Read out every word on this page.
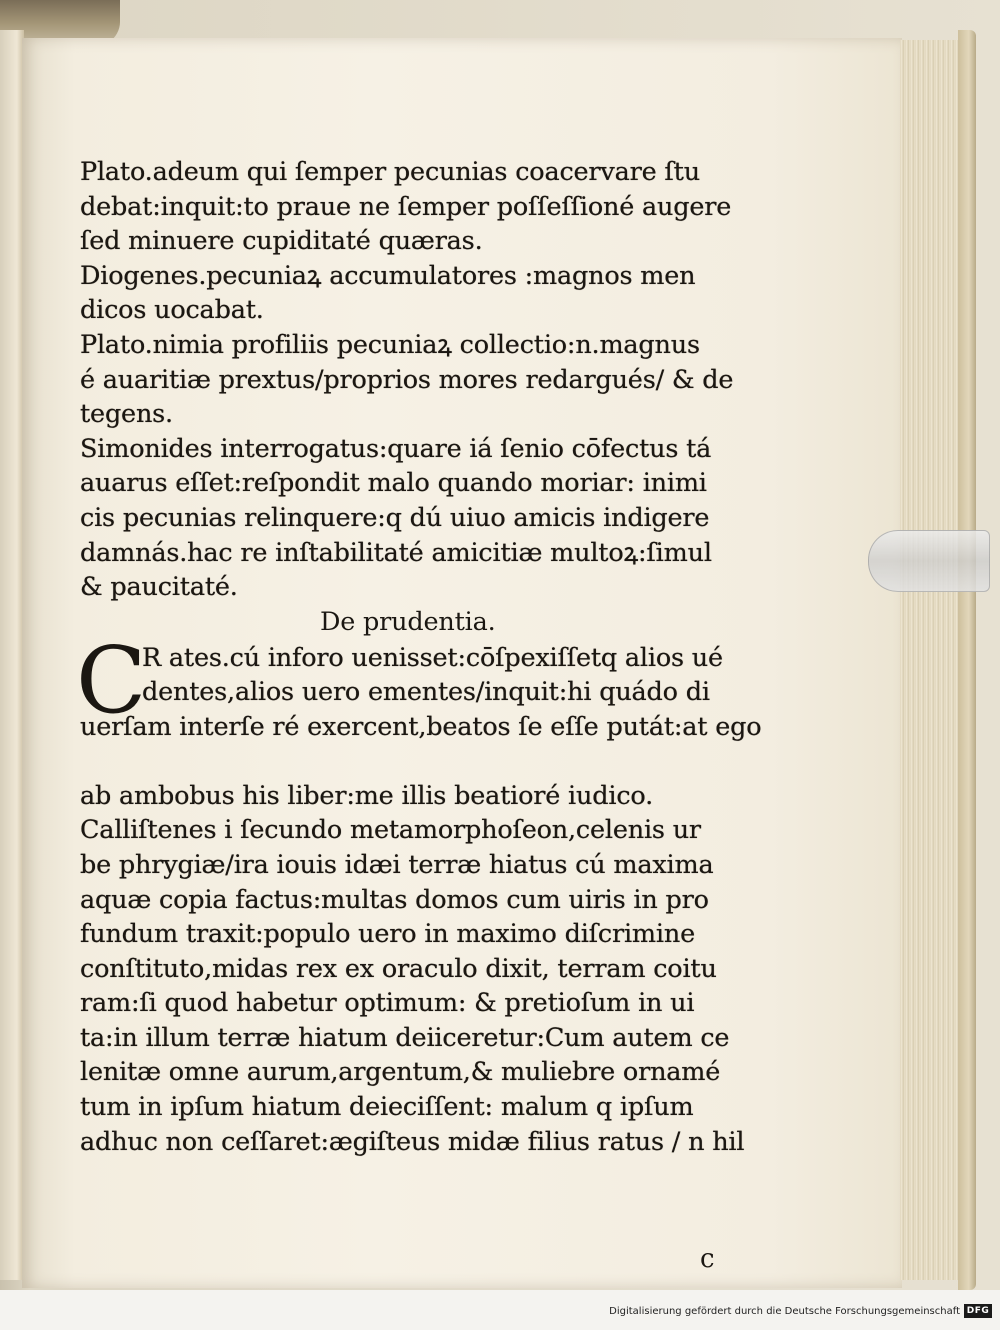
Plato.adeum qui ſemper pecunias coacervare ſtu
debat:inquit:to praue ne ſemper poſſeſſioné augere
ſed minuere cupiditaté quæras.
Diogenes.pecuniaꝝ accumulatores :magnos men
dicos uocabat.
Plato.nimia profiliis pecuniaꝝ collectio:n.magnus
é auaritiæ prextus/proprios mores redargués/ & de
tegens.
Simonides interrogatus:quare iá ſenio cōfectus tá
auarus eſſet:reſpondit malo quando moriar: inimi
cis pecunias relinquere:q dú uiuo amicis indigere
damnás.hac re inſtabilitaté amicitiæ multoꝝ:ſimul
& paucitaté.
De prudentia.
C
R ates.cú inforo uenisset:cōſpexiſſetq alios ué
dentes,alios uero ementes/inquit:hi quádo di
uerſam interſe ré exercent,beatos ſe eſſe putát:at ego
ab ambobus his liber:me illis beatioré iudico.
Calliſtenes i ſecundo metamorphoſeon,celenis ur
be phrygiæ/ira iouis idæi terræ hiatus cú maxima
aquæ copia factus:multas domos cum uiris in pro
fundum traxit:populo uero in maximo diſcrimine
conſtituto,midas rex ex oraculo dixit, terram coitu
ram:ſi quod habetur optimum: & pretioſum in ui
ta:in illum terræ hiatum deiiceretur:Cum autem ce
lenitæ omne aurum,argentum,& muliebre ornamé
tum in ipſum hiatum deieciſſent: malum q ipſum
adhuc non ceſſaret:ægiſteus midæ filius ratus / n hil
c
Digitalisierung gefördert durch die Deutsche Forschungsgemeinschaft DFG
